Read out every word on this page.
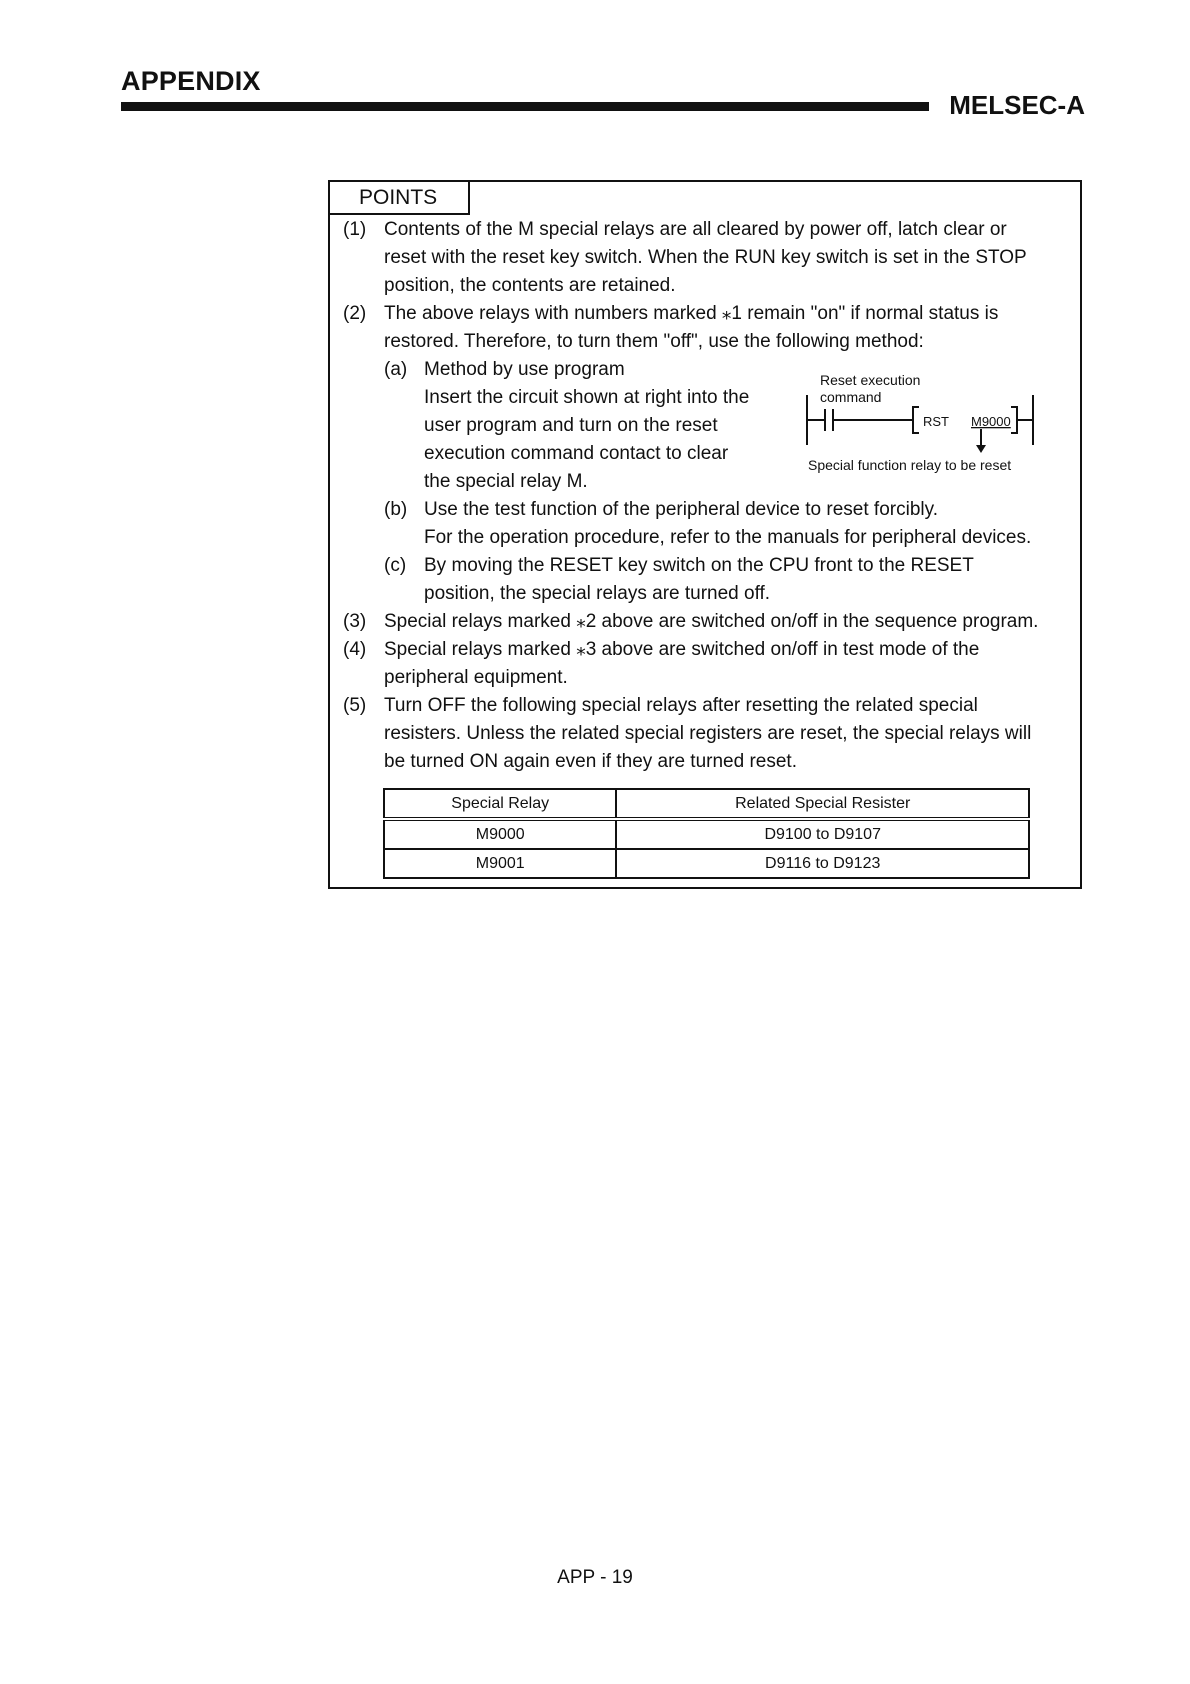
APPENDIX
MELSEC-A
POINTS
(1) Contents of the M special relays are all cleared by power off, latch clear or
reset with the reset key switch. When the RUN key switch is set in the STOP
position, the contents are retained.
(2) The above relays with numbers marked ⁎1 remain "on" if normal status is
restored. Therefore, to turn them "off", use the following method:
(a) Method by use program
Insert the circuit shown at right into the
user program and turn on the reset
execution command contact to clear
the special relay M.
Reset execution
command
RST M9000
Special function relay to be reset
(b) Use the test function of the peripheral device to reset forcibly.
For the operation procedure, refer to the manuals for peripheral devices.
(c) By moving the RESET key switch on the CPU front to the RESET
position, the special relays are turned off.
(3) Special relays marked ⁎2 above are switched on/off in the sequence program.
(4) Special relays marked ⁎3 above are switched on/off in test mode of the
peripheral equipment.
(5) Turn OFF the following special relays after resetting the related special
resisters. Unless the related special registers are reset, the special relays will
be turned ON again even if they are turned reset.
Special Relay	Related Special Resister
M9000	D9100 to D9107
M9001	D9116 to D9123
APP - 19
